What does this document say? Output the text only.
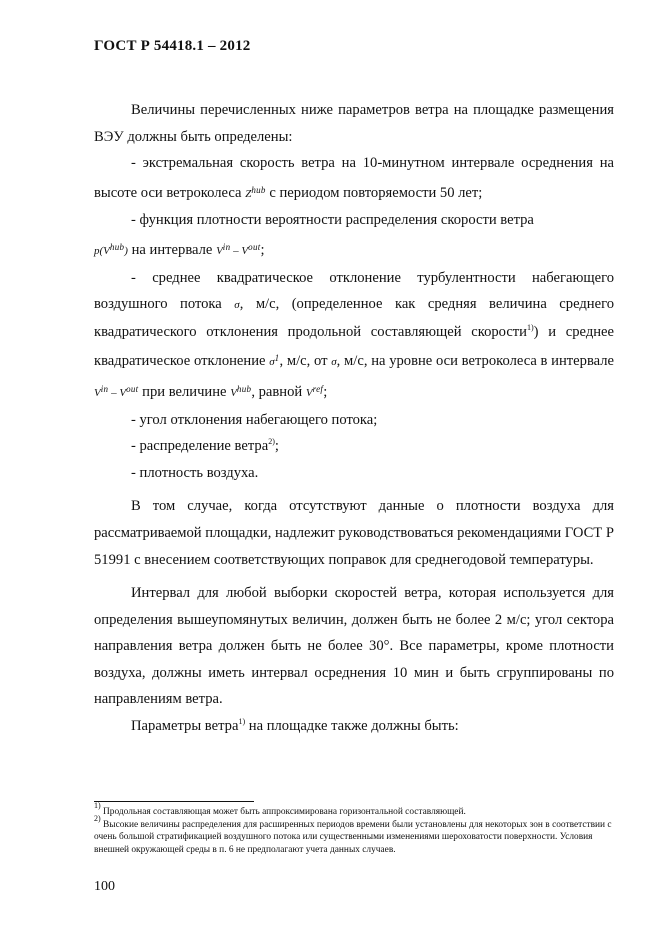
ГОСТ Р 54418.1 – 2012

Величины перечисленных ниже параметров ветра на площадке размещения ВЭУ должны быть определены:

- экстремальная скорость ветра на 10-минутном интервале осреднения на высоте оси ветроколеса $Z^{hub}$ с периодом повторяемости 50 лет;

- функция плотности вероятности распределения скорости ветра
$p(V^{hub})$ на интервале $V^{in} - V^{out}$;

- среднее квадратическое отклонение турбулентности набегающего воздушного потока σ, м/с, (определенное как средняя величина среднего квадратического отклонения продольной составляющей скорости$^{1)}$) и среднее квадратическое отклонение $\sigma^1$, м/с, от σ, м/с, на уровне оси ветроколеса в интервале $V^{in} - V^{out}$ при величине $V^{hub}$, равной $V^{ref}$;

- угол отклонения набегающего потока;

- распределение ветра$^{2)}$;

- плотность воздуха.

В том случае, когда отсутствуют данные о плотности воздуха для рассматриваемой площадки, надлежит руководствоваться рекомендациями ГОСТ Р 51991 с внесением соответствующих поправок для среднегодовой температуры.

Интервал для любой выборки скоростей ветра, которая используется для определения вышеупомянутых величин, должен быть не более 2 м/с; угол сектора направления ветра должен быть не более 30°. Все параметры, кроме плотности воздуха, должны иметь интервал осреднения 10 мин и быть сгруппированы по направлениям ветра.

Параметры ветра$^{1)}$ на площадке также должны быть:

$^{1)}$ Продольная составляющая может быть аппроксимирована горизонтальной составляющей.

$^{2)}$ Высокие величины распределения для расширенных периодов времени были установлены для некоторых зон в соответствии с очень большой стратификацией воздушного потока или существенными изменениями шероховатости поверхности. Условия внешней окружающей среды в п. 6 не предполагают учета данных случаев.

100
